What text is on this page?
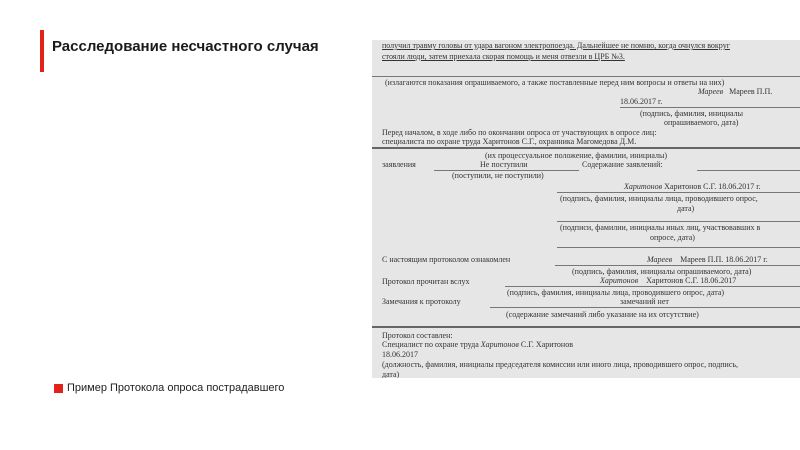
Расследование несчастного случая	получил травму головы от удара вагоном электропоезда. Дальнейшее не помню, когда очнулся вокруг
стояли люди, затем приехала скорая помощь и меня отвезли в ЦРБ №3.
(излагаются показания опрашиваемого, а также поставленные перед ним вопросы и ответы на них)
Мареев Мареев П.П.
18.06.2017 г.
(подпись, фамилия, инициалы
опрашиваемого, дата)
Перед началом, в ходе либо по окончании опроса от участвующих в опросе лиц:
специалиста по охране труда Харитонов С.Г., охранника Магомедова Д.М.
(их процессуальное положение, фамилии, инициалы)
заявления	Не поступили	Содержание заявлений:
(поступили, не поступили)
Харитонов Харитонов С.Г. 18.06.2017 г.
(подпись, фамилия, инициалы лица, проводившего опрос,
дата)
(подписи, фамилии, инициалы иных лиц, участвовавших в
опросе, дата)
С настоящим протоколом ознакомлен	Мареев Мареев П.П. 18.06.2017 г.
(подпись, фамилия, инициалы опрашиваемого, дата)
Протокол прочитан вслух	Харитонов Харитонов С.Г. 18.06.2017
(подпись, фамилия, инициалы лица, проводившего опрос, дата)
Замечания к протоколу	замечаний нет
(содержание замечаний либо указание на их отсутствие)
Протокол составлен:
Специалист по охране труда Харитонов С.Г. Харитонов
18.06.2017
(должность, фамилия, инициалы председателя комиссии или иного лица, проводившего опрос, подпись,
дата)
Пример Протокола опроса пострадавшего
